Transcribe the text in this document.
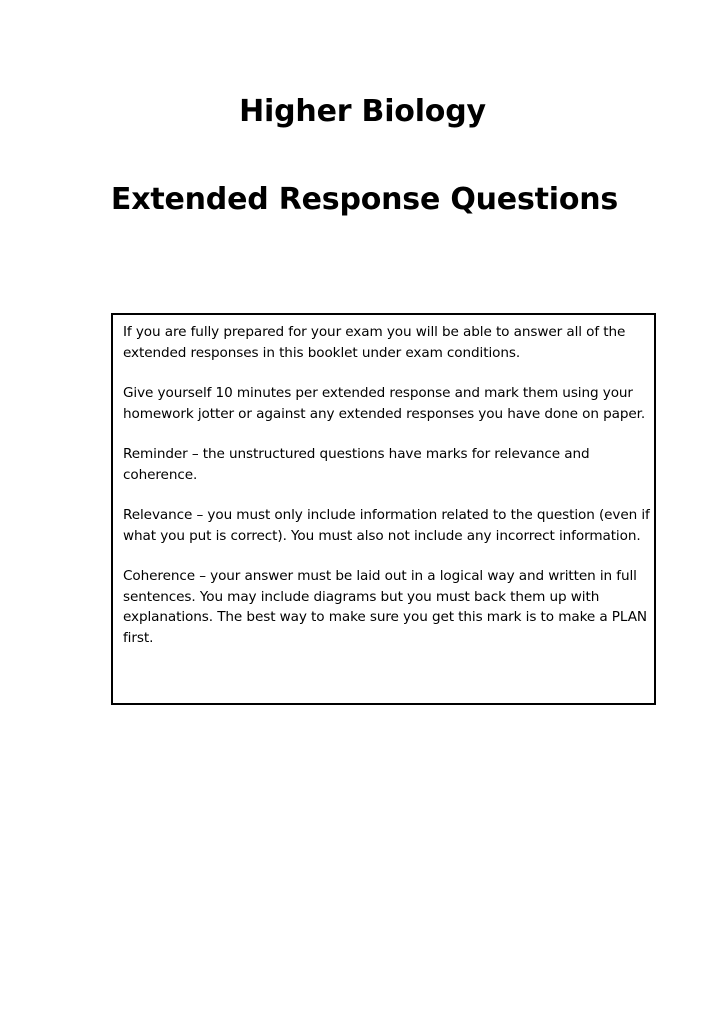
Higher Biology
Extended Response Questions

If you are fully prepared for your exam you will be able to answer all of the extended responses in this booklet under exam conditions.

Give yourself 10 minutes per extended response and mark them using your homework jotter or against any extended responses you have done on paper.

Reminder – the unstructured questions have marks for relevance and coherence.

Relevance – you must only include information related to the question (even if what you put is correct). You must also not include any incorrect information.

Coherence – your answer must be laid out in a logical way and written in full sentences. You may include diagrams but you must back them up with explanations. The best way to make sure you get this mark is to make a PLAN first.
